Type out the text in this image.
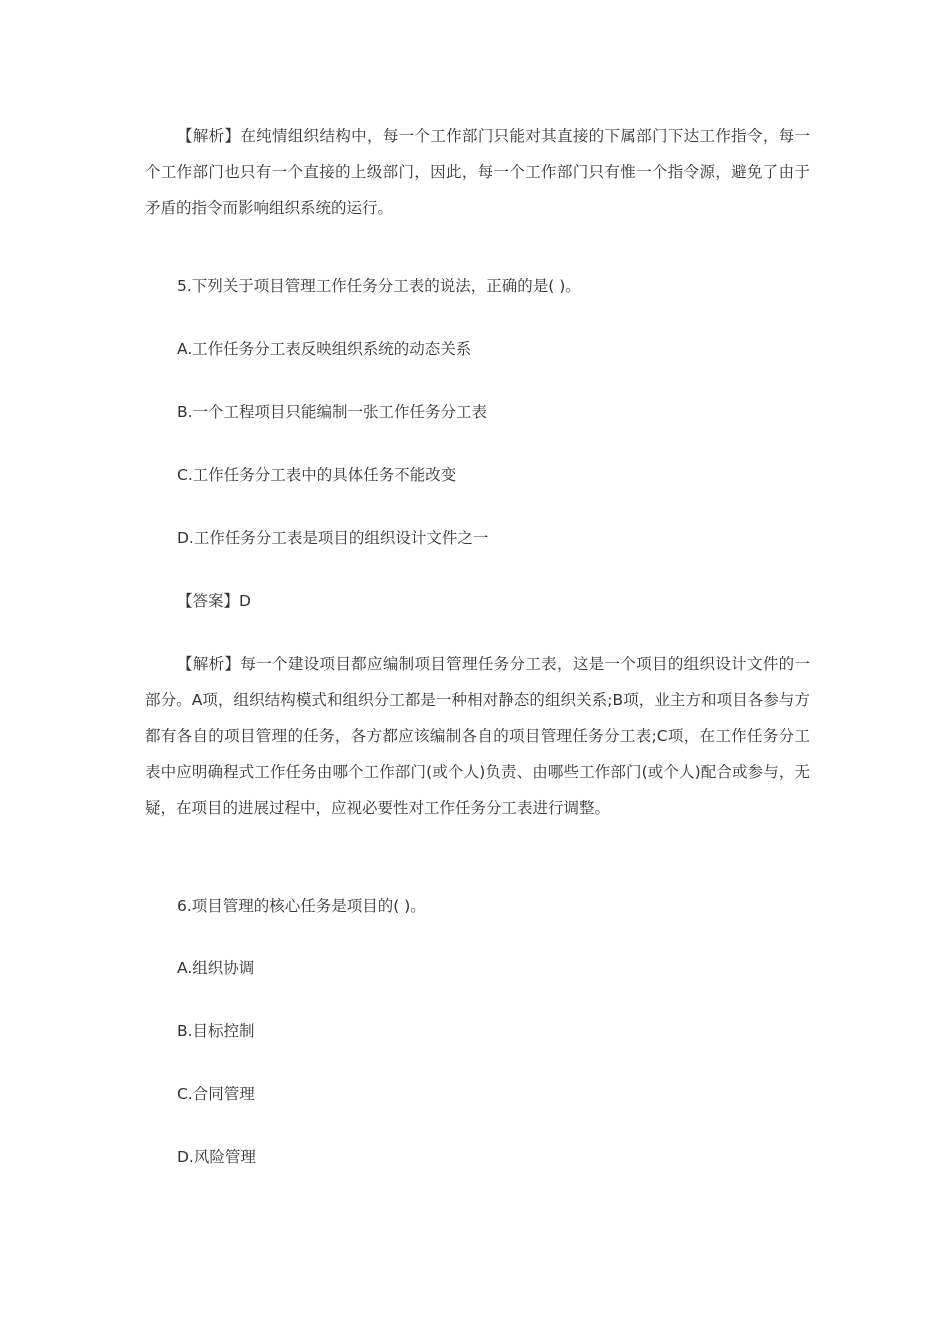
【解析】在纯情组织结构中，每一个工作部门只能对其直接的下属部门下达工作指令，每一个工作部门也只有一个直接的上级部门，因此，每一个工作部门只有惟一个指令源，避免了由于矛盾的指令而影响组织系统的运行。

5.下列关于项目管理工作任务分工表的说法，正确的是( )。

A.工作任务分工表反映组织系统的动态关系

B.一个工程项目只能编制一张工作任务分工表

C.工作任务分工表中的具体任务不能改变

D.工作任务分工表是项目的组织设计文件之一

【答案】D

【解析】每一个建设项目都应编制项目管理任务分工表，这是一个项目的组织设计文件的一部分。A项，组织结构模式和组织分工都是一种相对静态的组织关系;B项，业主方和项目各参与方都有各自的项目管理的任务，各方都应该编制各自的项目管理任务分工表;C项，在工作任务分工表中应明确程式工作任务由哪个工作部门(或个人)负责、由哪些工作部门(或个人)配合或参与，无疑，在项目的进展过程中，应视必要性对工作任务分工表进行调整。

6.项目管理的核心任务是项目的( )。

A.组织协调

B.目标控制

C.合同管理

D.风险管理
